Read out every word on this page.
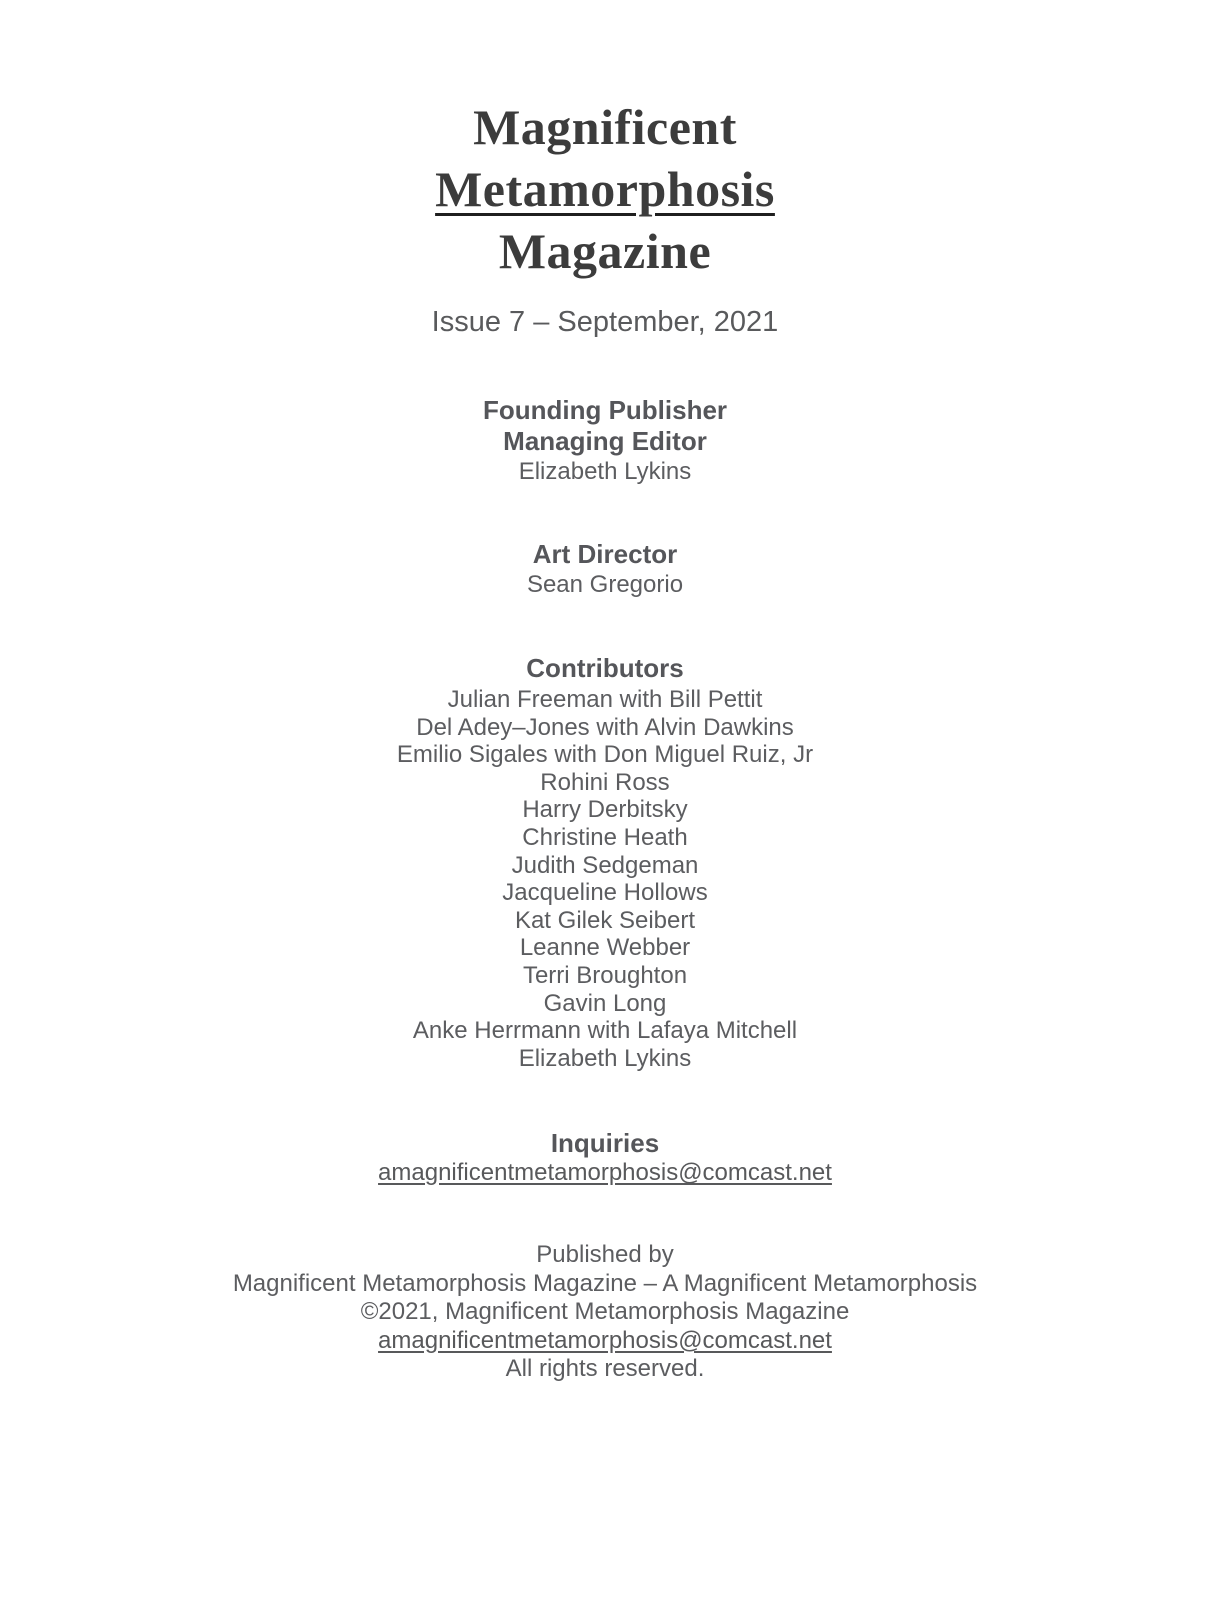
Magnificent
Metamorphosis
Magazine
Issue 7 – September, 2021
Founding Publisher
Managing Editor
Elizabeth Lykins
Art Director
Sean Gregorio
Contributors
Julian Freeman with Bill Pettit
Del Adey–Jones with Alvin Dawkins
Emilio Sigales with Don Miguel Ruiz, Jr
Rohini Ross
Harry Derbitsky
Christine Heath
Judith Sedgeman
Jacqueline Hollows
Kat Gilek Seibert
Leanne Webber
Terri Broughton
Gavin Long
Anke Herrmann with Lafaya Mitchell
Elizabeth Lykins
Inquiries
amagnificentmetamorphosis@comcast.net
Published by
Magnificent Metamorphosis Magazine – A Magnificent Metamorphosis
©2021, Magnificent Metamorphosis Magazine
amagnificentmetamorphosis@comcast.net
All rights reserved.
